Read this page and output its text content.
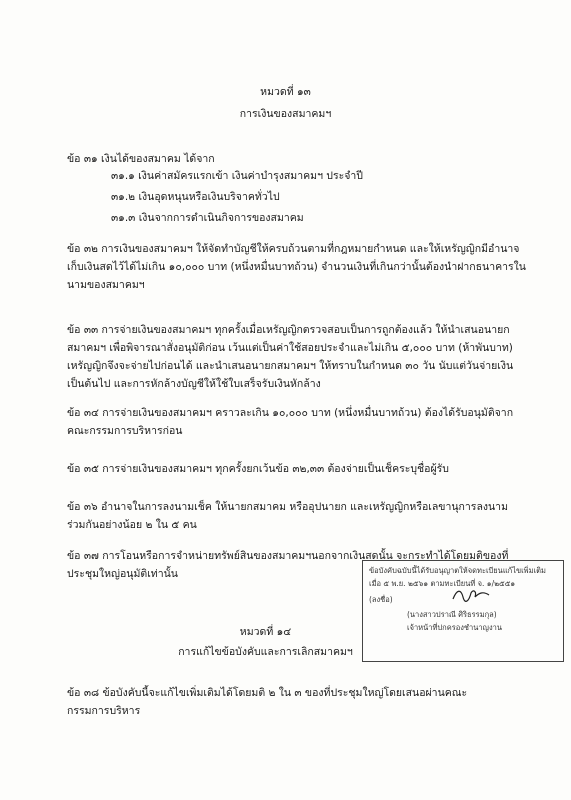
หมวดที่ ๑๓
การเงินของสมาคมฯ
ข้อ ๓๑ เงินได้ของสมาคม ได้จาก
๓๑.๑ เงินค่าสมัครแรกเข้า เงินค่าบำรุงสมาคมฯ ประจำปี
๓๑.๒ เงินอุดหนุนหรือเงินบริจาคทั่วไป
๓๑.๓ เงินจากการดำเนินกิจการของสมาคม
ข้อ ๓๒ การเงินของสมาคมฯ ให้จัดทำบัญชีให้ครบถ้วนตามที่กฎหมายกำหนด และให้เหรัญญิกมีอำนาจ
เก็บเงินสดไว้ได้ไม่เกิน ๑๐,๐๐๐ บาท (หนึ่งหมื่นบาทถ้วน) จำนวนเงินที่เกินกว่านั้นต้องนำฝากธนาคารใน
นามของสมาคมฯ
ข้อ ๓๓ การจ่ายเงินของสมาคมฯ ทุกครั้งเมื่อเหรัญญิกตรวจสอบเป็นการถูกต้องแล้ว ให้นำเสนอนายก
สมาคมฯ เพื่อพิจารณาสั่งอนุมัติก่อน เว้นแต่เป็นค่าใช้สอยประจำและไม่เกิน ๕,๐๐๐ บาท (ห้าพันบาท)
เหรัญญิกจึงจะจ่ายไปก่อนได้ และนำเสนอนายกสมาคมฯ ให้ทราบในกำหนด ๓๐ วัน นับแต่วันจ่ายเงิน
เป็นต้นไป และการหักล้างบัญชีให้ใช้ใบเสร็จรับเงินหักล้าง
ข้อ ๓๔ การจ่ายเงินของสมาคมฯ คราวละเกิน ๑๐,๐๐๐ บาท (หนึ่งหมื่นบาทถ้วน) ต้องได้รับอนุมัติจาก
คณะกรรมการบริหารก่อน
ข้อ ๓๕ การจ่ายเงินของสมาคมฯ ทุกครั้งยกเว้นข้อ ๓๒,๓๓ ต้องจ่ายเป็นเช็คระบุชื่อผู้รับ
ข้อ ๓๖ อำนาจในการลงนามเช็ค ให้นายกสมาคม หรืออุปนายก และเหรัญญิกหรือเลขานุการลงนาม
ร่วมกันอย่างน้อย ๒ ใน ๕ คน
ข้อ ๓๗ การโอนหรือการจำหน่ายทรัพย์สินของสมาคมฯนอกจากเงินสดนั้น จะกระทำได้โดยมติของที่
ประชุมใหญ่อนุมัติเท่านั้น
หมวดที่ ๑๔
การแก้ไขข้อบังคับและการเลิกสมาคมฯ
ข้อ ๓๘ ข้อบังคับนี้จะแก้ไขเพิ่มเติมได้โดยมติ ๒ ใน ๓ ของที่ประชุมใหญ่โดยเสนอผ่านคณะ
กรรมการบริหาร
ข้อบังคับฉบับนี้ได้รับอนุญาตให้จดทะเบียนแก้ไขเพิ่มเติม
เมื่อ ๕ พ.ย. ๒๕๖๑ ตามทะเบียนที่ จ. ๑/๒๕๕๑
(ลงชื่อ)
(นางสาวปราณี ศิริธรรมกุล)
เจ้าหน้าที่ปกครองชำนาญงาน
